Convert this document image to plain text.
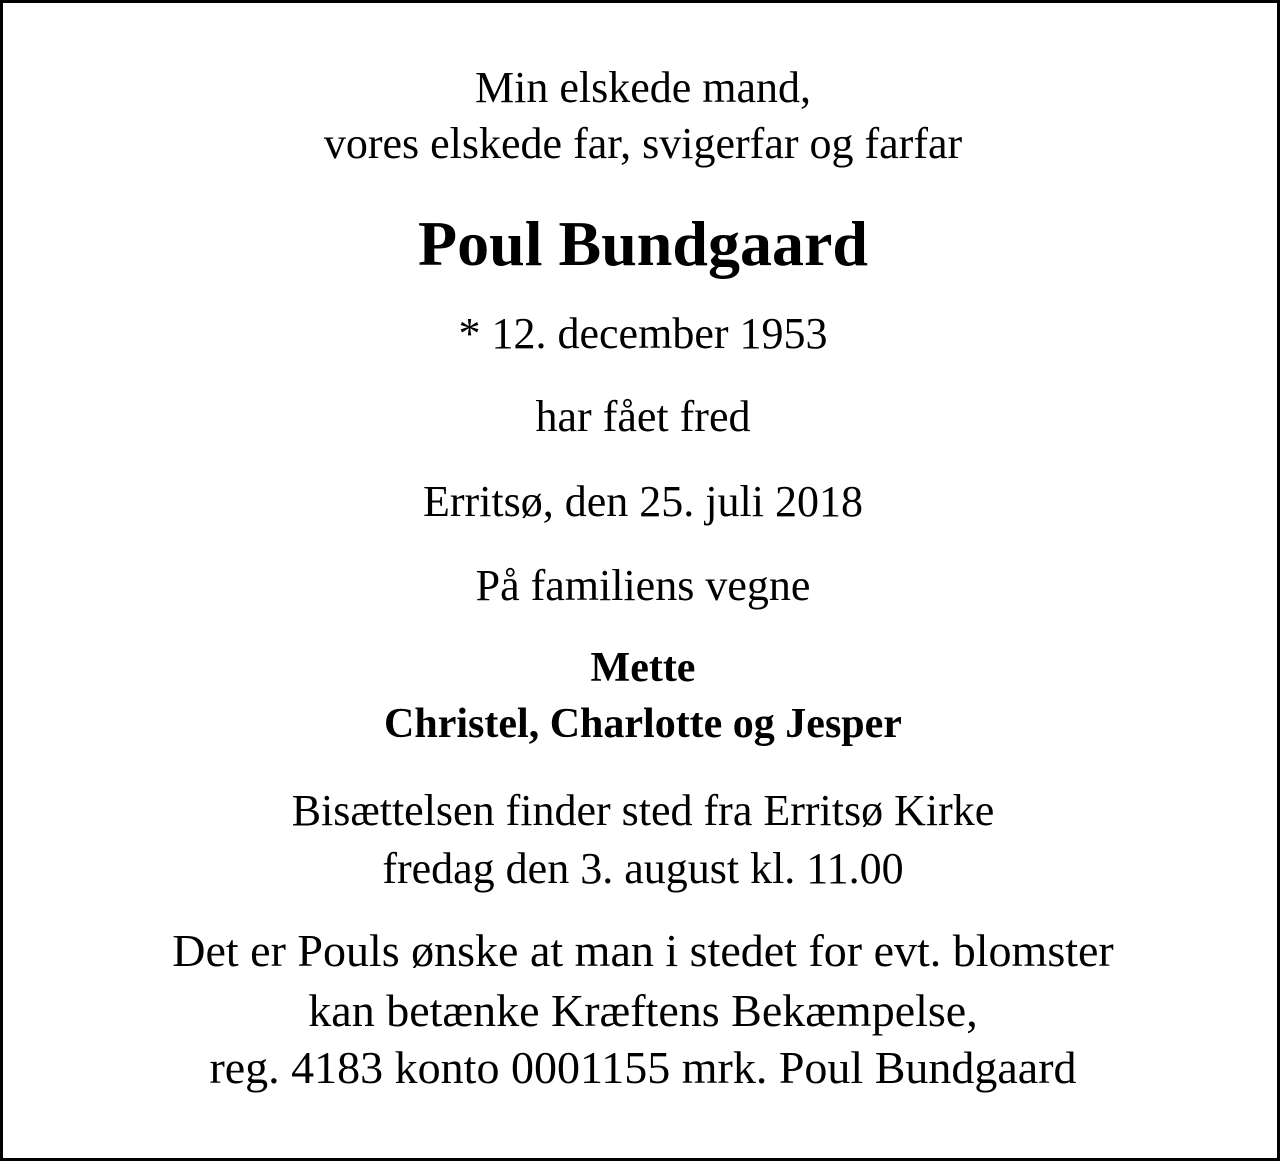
Min elskede mand,
vores elskede far, svigerfar og farfar
Poul Bundgaard
* 12. december 1953
har fået fred
Erritsø, den 25. juli 2018
På familiens vegne
Mette
Christel, Charlotte og Jesper
Bisættelsen finder sted fra Erritsø Kirke
fredag den 3. august kl. 11.00
Det er Pouls ønske at man i stedet for evt. blomster
kan betænke Kræftens Bekæmpelse,
reg. 4183 konto 0001155 mrk. Poul Bundgaard
